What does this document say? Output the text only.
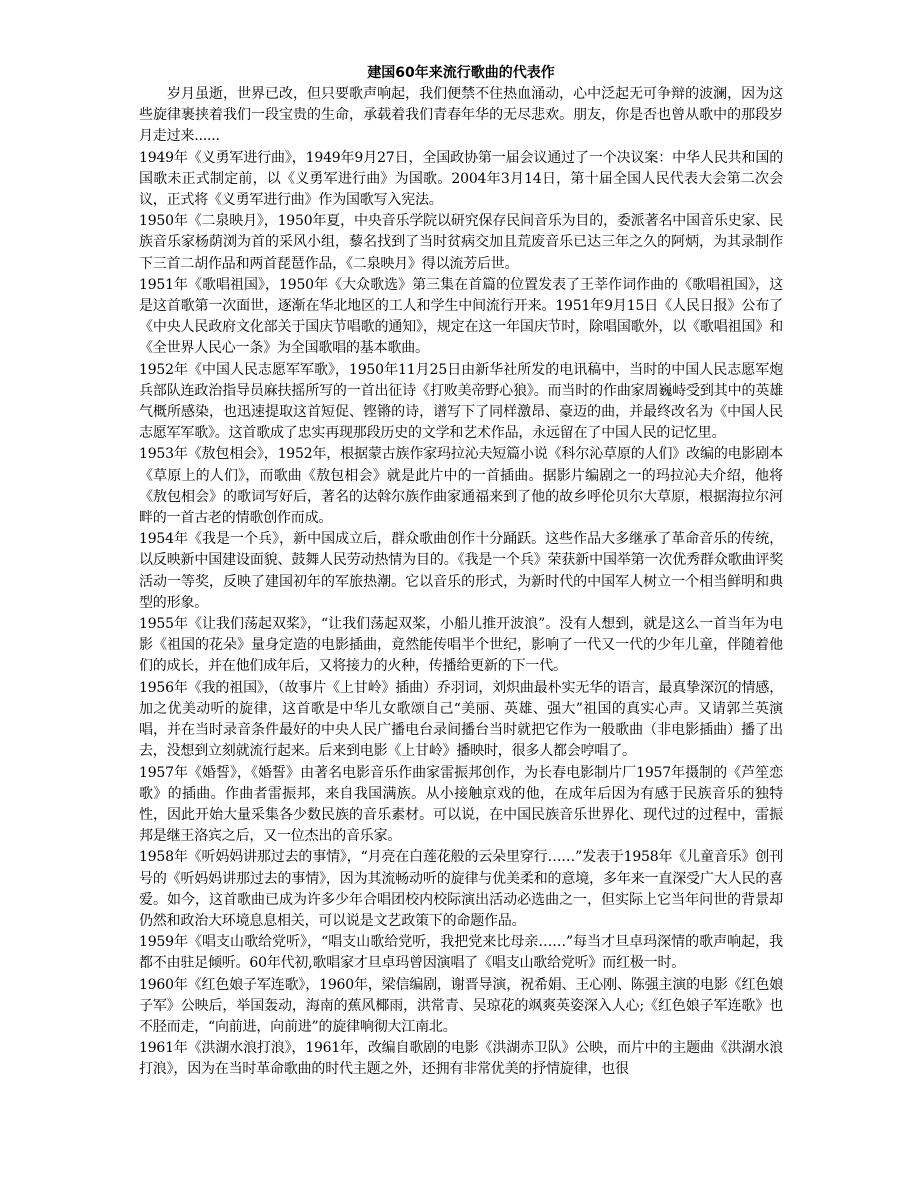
建国60年来流行歌曲的代表作

岁月虽逝，世界已改，但只要歌声响起，我们便禁不住热血涌动，心中泛起无可争辩的波澜，因为这些旋律裹挟着我们一段宝贵的生命，承载着我们青春年华的无尽悲欢。朋友，你是否也曾从歌中的那段岁月走过来......

1949年《义勇军进行曲》，1949年9月27日，全国政协第一届会议通过了一个决议案：中华人民共和国的国歌未正式制定前，以《义勇军进行曲》为国歌。2004年3月14日，第十届全国人民代表大会第二次会议，正式将《义勇军进行曲》作为国歌写入宪法。

1950年《二泉映月》，1950年夏，中央音乐学院以研究保存民间音乐为目的，委派著名中国音乐史家、民族音乐家杨荫浏为首的采风小组，藜名找到了当时贫病交加且荒废音乐已达三年之久的阿炳，为其录制作下三首二胡作品和两首琵琶作品，《二泉映月》得以流芳后世。

1951年《歌唱祖国》，1950年《大众歌选》第三集在首篇的位置发表了王莘作词作曲的《歌唱祖国》，这是这首歌第一次面世，逐渐在华北地区的工人和学生中间流行开来。1951年9月15日《人民日报》公布了《中央人民政府文化部关于国庆节唱歌的通知》，规定在这一年国庆节时，除唱国歌外，以《歌唱祖国》和《全世界人民心一条》为全国歌唱的基本歌曲。

1952年《中国人民志愿军军歌》，1950年11月25日由新华社所发的电讯稿中，当时的中国人民志愿军炮兵部队连政治指导员麻扶摇所写的一首出征诗《打败美帝野心狼》。而当时的作曲家周巍峙受到其中的英雄气概所感染，也迅速提取这首短促、铿锵的诗，谱写下了同样激昂、豪迈的曲，并最终改名为《中国人民志愿军军歌》。这首歌成了忠实再现那段历史的文学和艺术作品，永远留在了中国人民的记忆里。

1953年《敖包相会》，1952年，根据蒙古族作家玛拉沁夫短篇小说《科尔沁草原的人们》改编的电影剧本《草原上的人们》，而歌曲《敖包相会》就是此片中的一首插曲。据影片编剧之一的玛拉沁夫介绍，他将《敖包相会》的歌词写好后，著名的达斡尔族作曲家通福来到了他的故乡呼伦贝尔大草原，根据海拉尔河畔的一首古老的情歌创作而成。

1954年《我是一个兵》，新中国成立后，群众歌曲创作十分踊跃。这些作品大多继承了革命音乐的传统，以反映新中国建设面貌、鼓舞人民劳动热情为目的。《我是一个兵》荣获新中国举第一次优秀群众歌曲评奖活动一等奖，反映了建国初年的军旅热潮。它以音乐的形式，为新时代的中国军人树立一个相当鲜明和典型的形象。

1955年《让我们荡起双桨》，“让我们荡起双桨，小船儿推开波浪”。没有人想到，就是这么一首当年为电影《祖国的花朵》量身定造的电影插曲，竟然能传唱半个世纪，影响了一代又一代的少年儿童，伴随着他们的成长，并在他们成年后，又将接力的火种，传播给更新的下一代。

1956年《我的祖国》，（故事片《上甘岭》插曲）乔羽词，刘炽曲最朴实无华的语言，最真挚深沉的情感，加之优美动听的旋律，这首歌是中华儿女歌颂自己“美丽、英雄、强大”祖国的真实心声。又请郭兰英演唱，并在当时录音条件最好的中央人民广播电台录间播台当时就把它作为一般歌曲（非电影插曲）播了出去，没想到立刻就流行起来。后来到电影《上甘岭》播映时，很多人都会哼唱了。

1957年《婚誓》，《婚誓》由著名电影音乐作曲家雷振邦创作，为长春电影制片厂1957年摄制的《芦笙恋歌》的插曲。作曲者雷振邦，来自我国满族。从小接触京戏的他，在成年后因为有感于民族音乐的独特性，因此开始大量采集各少数民族的音乐素材。可以说，在中国民族音乐世界化、现代过的过程中，雷振邦是继王洛宾之后，又一位杰出的音乐家。

1958年《听妈妈讲那过去的事情》，“月亮在白莲花般的云朵里穿行……”发表于1958年《儿童音乐》创刊号的《听妈妈讲那过去的事情》，因为其流畅动听的旋律与优美柔和的意境，多年来一直深受广大人民的喜爱。如今，这首歌曲已成为许多少年合唱团校内校际演出活动必选曲之一，但实际上它当年问世的背景却仍然和政治大环境息息相关，可以说是文艺政策下的命题作品。

1959年《唱支山歌给党听》，“唱支山歌给党听，我把党来比母亲……”每当才旦卓玛深情的歌声响起，我都不由驻足倾听。60年代初,歌唱家才旦卓玛曾因演唱了《唱支山歌给党听》而红极一时。

1960年《红色娘子军连歌》，1960年，梁信编剧，谢晋导演，祝希娟、王心刚、陈强主演的电影《红色娘子军》公映后，举国轰动，海南的蕉风椰雨，洪常青、吴琼花的飒爽英姿深入人心;《红色娘子军连歌》也不胫而走，“向前进，向前进”的旋律响彻大江南北。

1961年《洪湖水浪打浪》，1961年，改编自歌剧的电影《洪湖赤卫队》公映，而片中的主题曲《洪湖水浪打浪》，因为在当时革命歌曲的时代主题之外，还拥有非常优美的抒情旋律，也很
